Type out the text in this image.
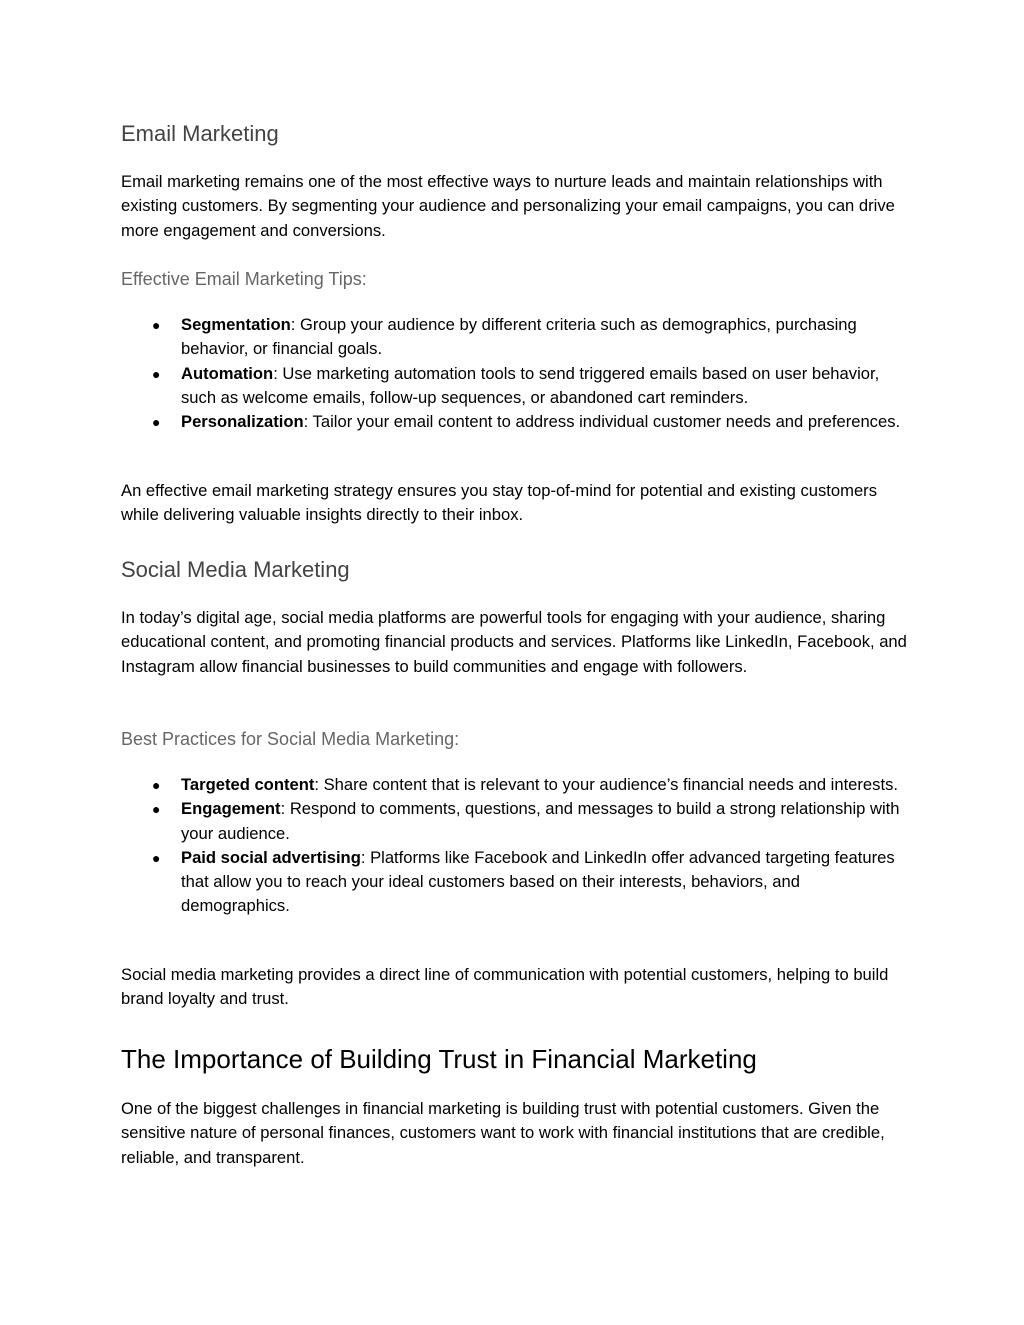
Email Marketing

Email marketing remains one of the most effective ways to nurture leads and maintain relationships with existing customers. By segmenting your audience and personalizing your email campaigns, you can drive more engagement and conversions.

Effective Email Marketing Tips:
● Segmentation: Group your audience by different criteria such as demographics, purchasing behavior, or financial goals.
● Automation: Use marketing automation tools to send triggered emails based on user behavior, such as welcome emails, follow-up sequences, or abandoned cart reminders.
● Personalization: Tailor your email content to address individual customer needs and preferences.

An effective email marketing strategy ensures you stay top-of-mind for potential and existing customers while delivering valuable insights directly to their inbox.

Social Media Marketing

In today’s digital age, social media platforms are powerful tools for engaging with your audience, sharing educational content, and promoting financial products and services. Platforms like LinkedIn, Facebook, and Instagram allow financial businesses to build communities and engage with followers.

Best Practices for Social Media Marketing:
● Targeted content: Share content that is relevant to your audience’s financial needs and interests.
● Engagement: Respond to comments, questions, and messages to build a strong relationship with your audience.
● Paid social advertising: Platforms like Facebook and LinkedIn offer advanced targeting features that allow you to reach your ideal customers based on their interests, behaviors, and demographics.

Social media marketing provides a direct line of communication with potential customers, helping to build brand loyalty and trust.

The Importance of Building Trust in Financial Marketing

One of the biggest challenges in financial marketing is building trust with potential customers. Given the sensitive nature of personal finances, customers want to work with financial institutions that are credible, reliable, and transparent.
